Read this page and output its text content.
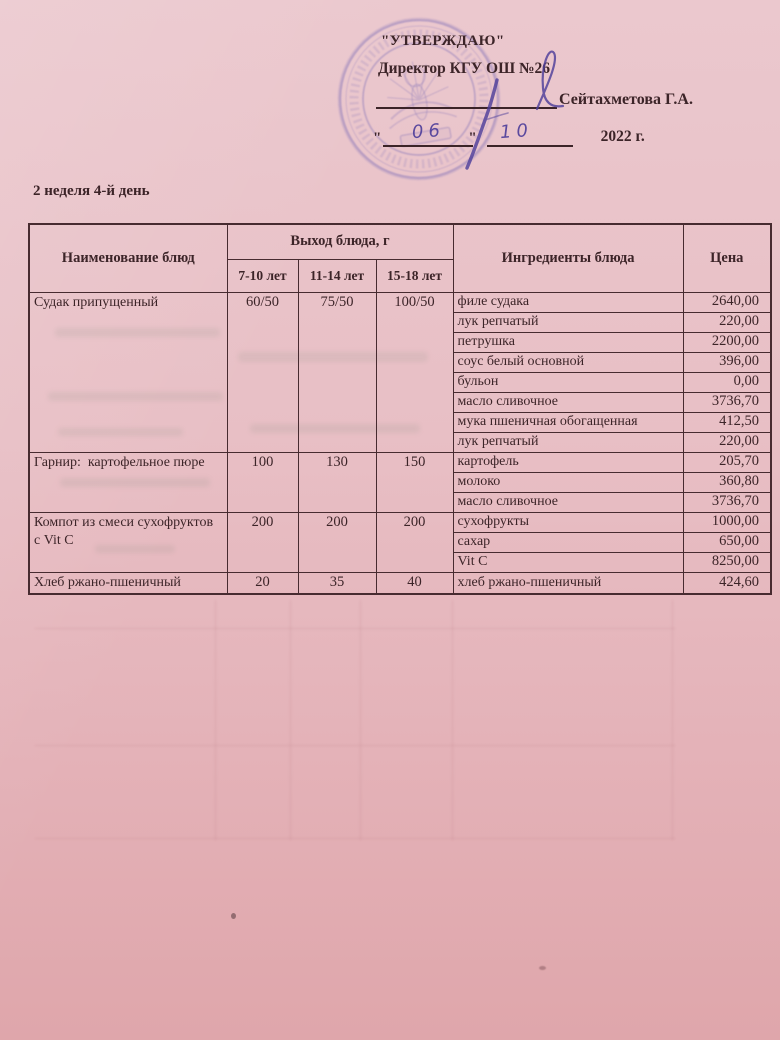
"УТВЕРЖДАЮ"
Директор КГУ ОШ №26
Сейтахметова Г.А.
"	06	"	10	2022 г.
2 неделя 4-й день
Наименование блюд	Выход блюда, г			Ингредиенты блюда	Цена
	7-10 лет	11-14 лет	15-18 лет		
Судак припущенный	60/50	75/50	100/50	филе судака	2640,00
				лук репчатый	220,00
				петрушка	2200,00
				соус белый основной	396,00
				бульон	0,00
				масло сливочное	3736,70
				мука пшеничная обогащенная	412,50
				лук репчатый	220,00
Гарнир:  картофельное пюре	100	130	150	картофель	205,70
				молоко	360,80
				масло сливочное	3736,70
Компот из смеси сухофруктов с Vit C	200	200	200	сухофрукты	1000,00
				сахар	650,00
				Vit C	8250,00
Хлеб ржано-пшеничный	20	35	40	хлеб ржано-пшеничный	424,60
